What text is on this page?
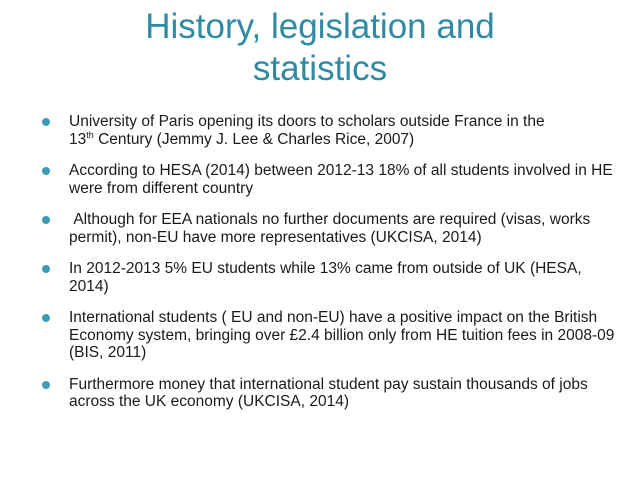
History, legislation and statistics
University of Paris opening its doors to scholars outside France in the
13th Century (Jemmy J. Lee & Charles Rice, 2007)
According to HESA (2014) between 2012-13 18% of all students involved in HE were from different country
Although for EEA nationals no further documents are required (visas, works permit), non-EU have more representatives (UKCISA, 2014)
In 2012-2013 5% EU students while 13% came from outside of UK (HESA, 2014)
International students ( EU and non-EU) have a positive impact on the British Economy system, bringing over £2.4 billion only from HE tuition fees in 2008-09 (BIS, 2011)
Furthermore money that international student pay sustain thousands of jobs across the UK economy (UKCISA, 2014)
